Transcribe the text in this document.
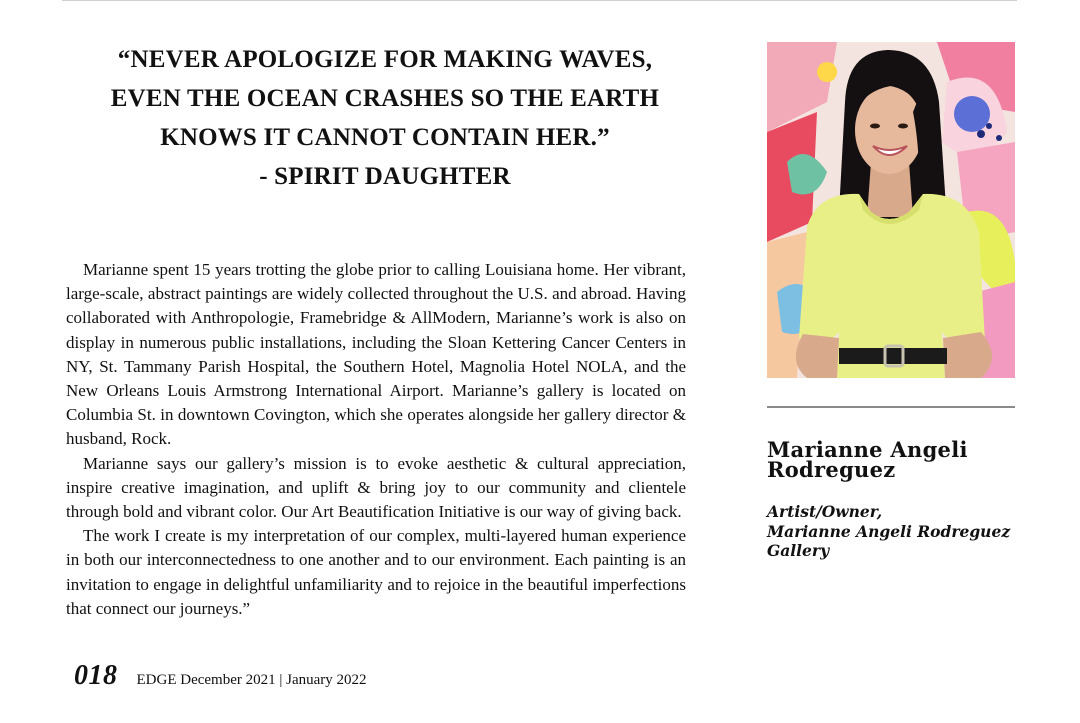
“NEVER APOLOGIZE FOR MAKING WAVES,
EVEN THE OCEAN CRASHES SO THE EARTH
KNOWS IT CANNOT CONTAIN HER.”
- SPIRIT DAUGHTER

Marianne spent 15 years trotting the globe prior to calling Louisiana home. Her vibrant, large-scale, abstract paintings are widely collected throughout the U.S. and abroad. Having collaborated with Anthropologie, Framebridge & AllModern, Marianne’s work is also on display in numerous public installations, including the Sloan Kettering Cancer Centers in NY, St. Tammany Parish Hospital, the Southern Hotel, Magnolia Hotel NOLA, and the New Orleans Louis Armstrong International Airport. Marianne’s gallery is located on Columbia St. in downtown Covington, which she operates alongside her gallery director & husband, Rock.

Marianne says our gallery’s mission is to evoke aesthetic & cultural appreciation, inspire creative imagination, and uplift & bring joy to our community and clientele through bold and vibrant color. Our Art Beautification Initiative is our way of giving back.

The work I create is my interpretation of our complex, multi-layered human experience in both our interconnectedness to one another and to our environment. Each painting is an invitation to engage in delightful unfamiliarity and to rejoice in the beautiful imperfections that connect our journeys.”

018 EDGE December 2021 | January 2022
Marianne Angeli
Rodreguez
Artist/Owner,
Marianne Angeli Rodreguez
Gallery
